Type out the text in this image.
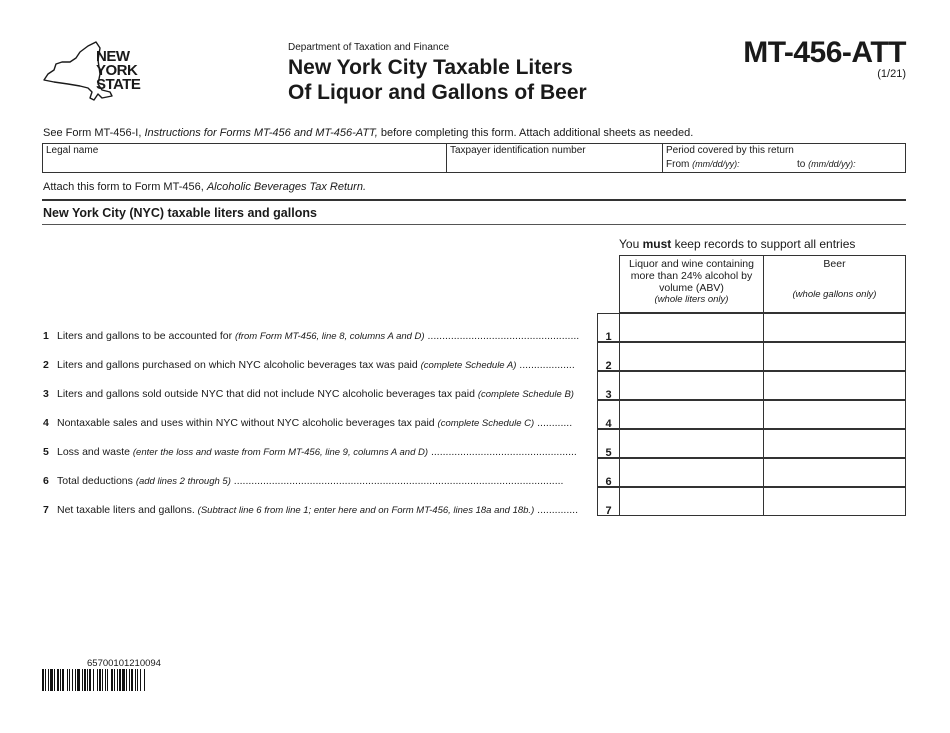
NEW
YORK
STATE
Department of Taxation and Finance
New York City Taxable Liters
Of Liquor and Gallons of Beer
MT-456-ATT
(1/21)
See Form MT-456-I, Instructions for Forms MT-456 and MT-456-ATT, before completing this form. Attach additional sheets as needed.
Legal name	Taxpayer identification number	Period covered by this return
From (mm/dd/yy):	to (mm/dd/yy):
Attach this form to Form MT-456, Alcoholic Beverages Tax Return.
New York City (NYC) taxable liters and gallons
You must keep records to support all entries
Liquor and wine containing
more than 24% alcohol by
volume (ABV)
(whole liters only)
Beer
(whole gallons only)
1 Liters and gallons to be accounted for (from Form MT-456, line 8, columns A and D) ....................................................	1
2 Liters and gallons purchased on which NYC alcoholic beverages tax was paid (complete Schedule A) ...................	2
3 Liters and gallons sold outside NYC that did not include NYC alcoholic beverages tax paid (complete Schedule B)	3
4 Nontaxable sales and uses within NYC without NYC alcoholic beverages tax paid (complete Schedule C) ............	4
5 Loss and waste (enter the loss and waste from Form MT-456, line 9, columns A and D) ..................................................	5
6 Total deductions (add lines 2 through 5) .................................................................................................................	6
7 Net taxable liters and gallons. (Subtract line 6 from line 1; enter here and on Form MT-456, lines 18a and 18b.) ..............	7
65700101210094
